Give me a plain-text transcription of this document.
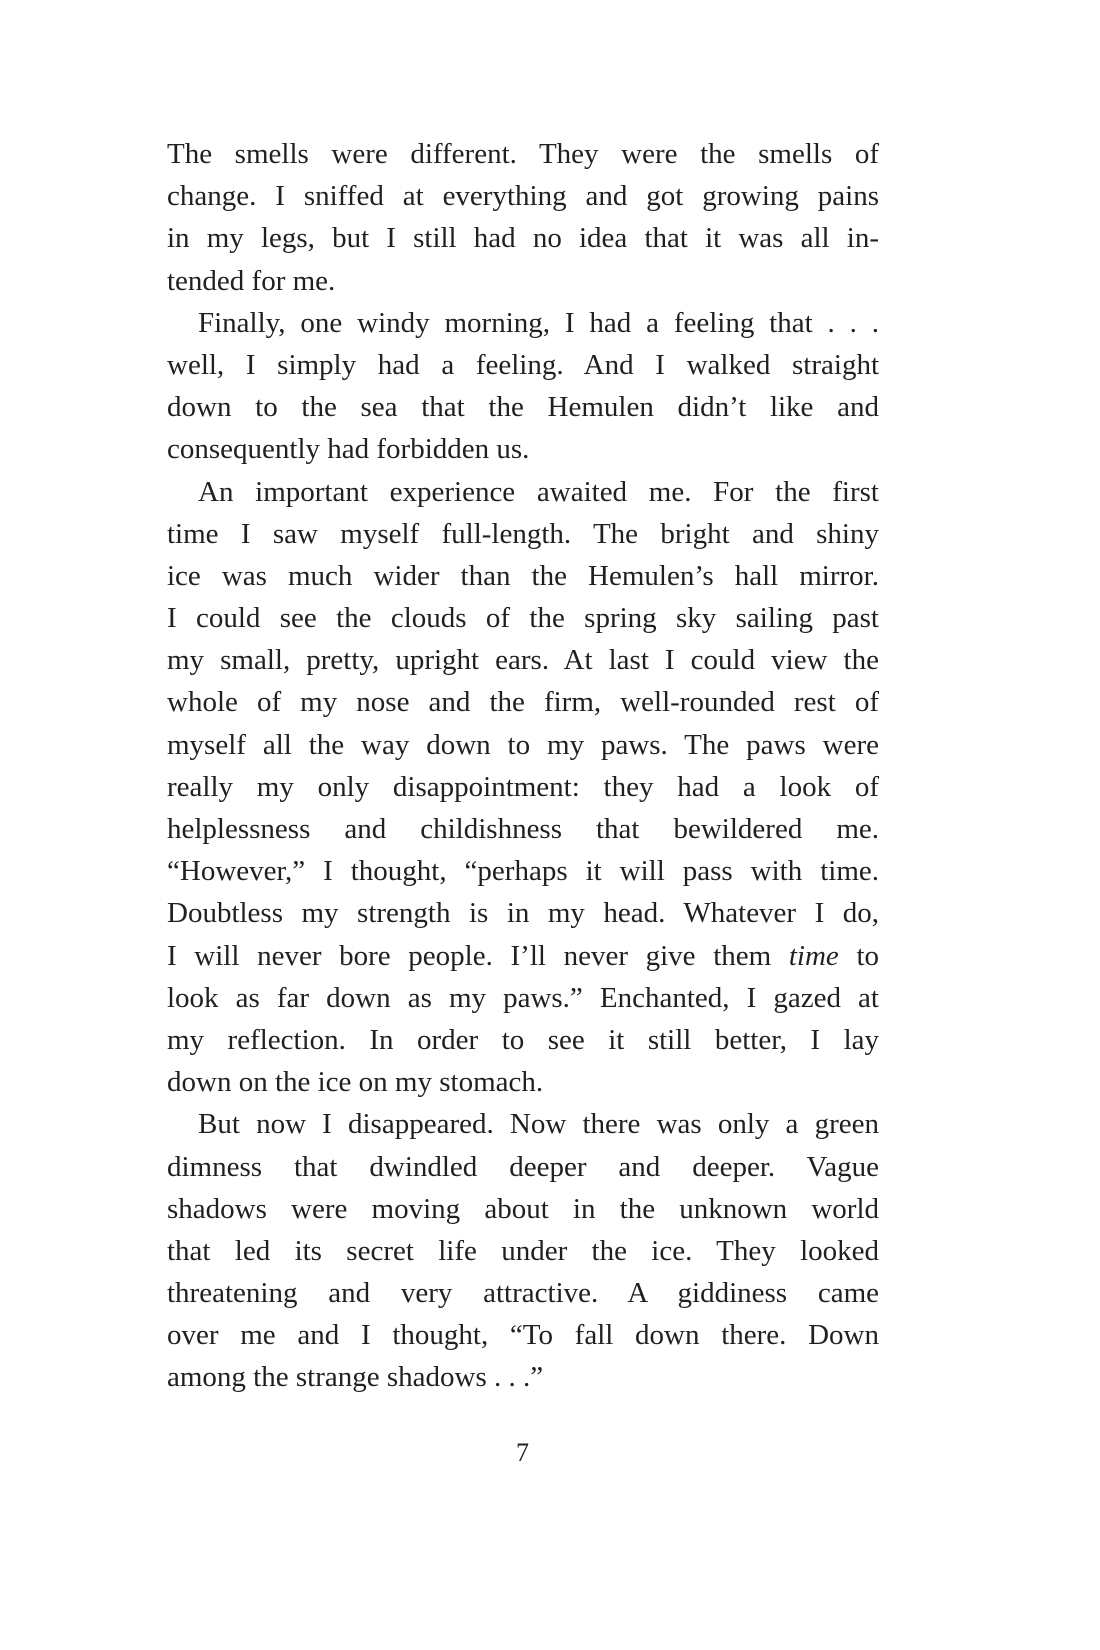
The smells were different. They were the smells of
change. I sniffed at everything and got growing pains
in my legs, but I still had no idea that it was all in-
tended for me.
Finally, one windy morning, I had a feeling that . . .
well, I simply had a feeling. And I walked straight
down to the sea that the Hemulen didn’t like and
consequently had forbidden us.
An important experience awaited me. For the first
time I saw myself full-length. The bright and shiny
ice was much wider than the Hemulen’s hall mirror.
I could see the clouds of the spring sky sailing past
my small, pretty, upright ears. At last I could view the
whole of my nose and the firm, well-rounded rest of
myself all the way down to my paws. The paws were
really my only disappointment: they had a look of
helplessness and childishness that bewildered me.
“However,” I thought, “perhaps it will pass with time.
Doubtless my strength is in my head. Whatever I do,
I will never bore people. I’ll never give them time to
look as far down as my paws.” Enchanted, I gazed at
my reflection. In order to see it still better, I lay
down on the ice on my stomach.
But now I disappeared. Now there was only a green
dimness that dwindled deeper and deeper. Vague
shadows were moving about in the unknown world
that led its secret life under the ice. They looked
threatening and very attractive. A giddiness came
over me and I thought, “To fall down there. Down
among the strange shadows . . .”
7
